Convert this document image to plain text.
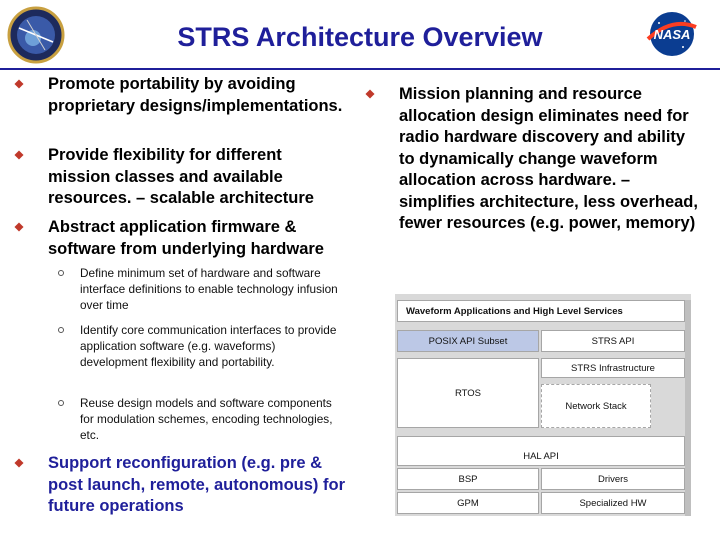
NASA
STRS Architecture Overview
Promote portability by avoiding proprietary designs/implementations.
Provide flexibility for different mission classes and available resources. – scalable architecture
Abstract application firmware & software from underlying hardware
Define minimum set of hardware and software interface definitions to enable technology infusion over time
Identify core communication interfaces to provide application software (e.g. waveforms) development flexibility and portability.
Reuse design models and software components for modulation schemes, encoding technologies, etc.
Support reconfiguration (e.g. pre & post launch, remote, autonomous) for future operations
Mission planning and resource allocation design eliminates need for radio hardware discovery and ability to dynamically change waveform allocation across hardware. – simplifies architecture, less overhead, fewer resources (e.g. power, memory)
Waveform Applications and High Level Services
POSIX API Subset	STRS API
STRS Infrastructure
RTOS
Network Stack
HAL API
BSP	Drivers
GPM	Specialized HW
